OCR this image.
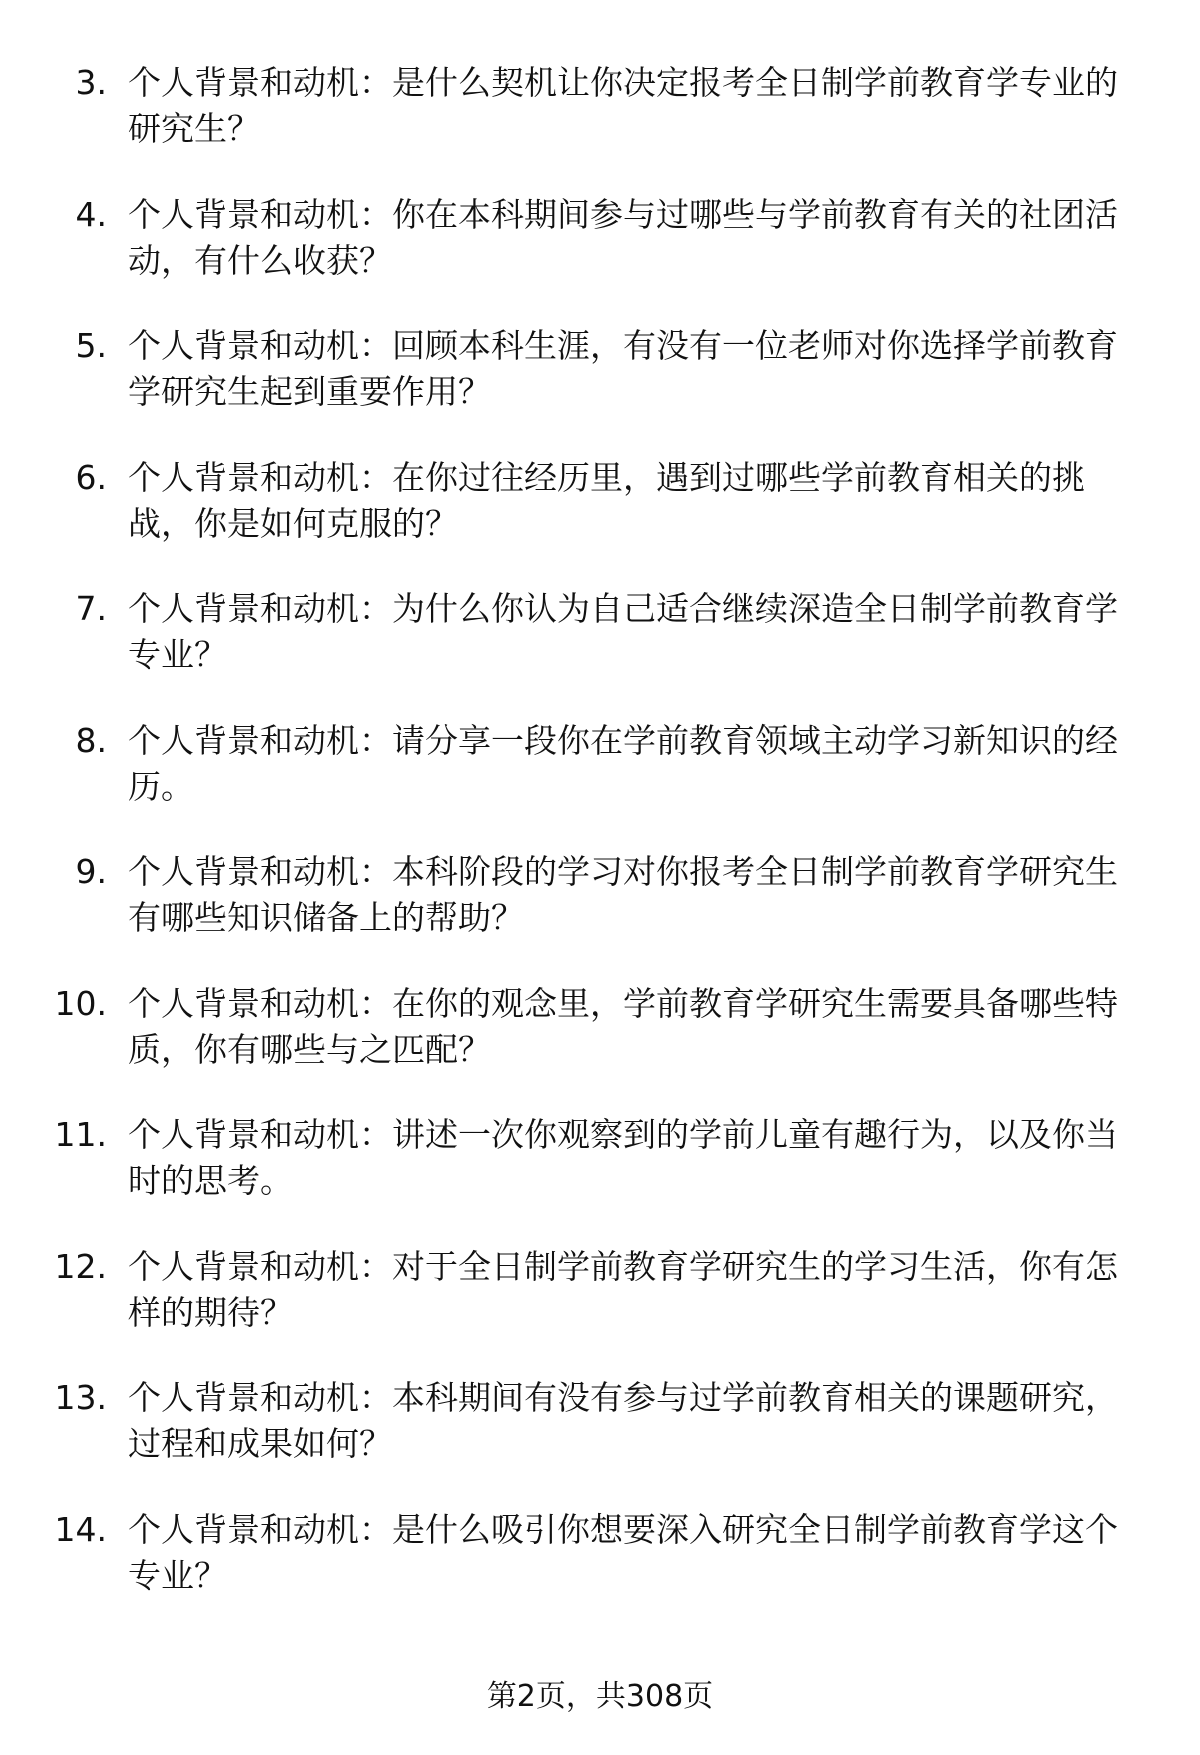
3. 个人背景和动机：是什么契机让你决定报考全日制学前教育学专业的研究生？
4. 个人背景和动机：你在本科期间参与过哪些与学前教育有关的社团活动，有什么收获？
5. 个人背景和动机：回顾本科生涯，有没有一位老师对你选择学前教育学研究生起到重要作用？
6. 个人背景和动机：在你过往经历里，遇到过哪些学前教育相关的挑战，你是如何克服的？
7. 个人背景和动机：为什么你认为自己适合继续深造全日制学前教育学专业？
8. 个人背景和动机：请分享一段你在学前教育领域主动学习新知识的经历。
9. 个人背景和动机：本科阶段的学习对你报考全日制学前教育学研究生有哪些知识储备上的帮助？
10. 个人背景和动机：在你的观念里，学前教育学研究生需要具备哪些特质，你有哪些与之匹配？
11. 个人背景和动机：讲述一次你观察到的学前儿童有趣行为，以及你当时的思考。
12. 个人背景和动机：对于全日制学前教育学研究生的学习生活，你有怎样的期待？
13. 个人背景和动机：本科期间有没有参与过学前教育相关的课题研究，过程和成果如何？
14. 个人背景和动机：是什么吸引你想要深入研究全日制学前教育学这个专业？
第2页，共308页
